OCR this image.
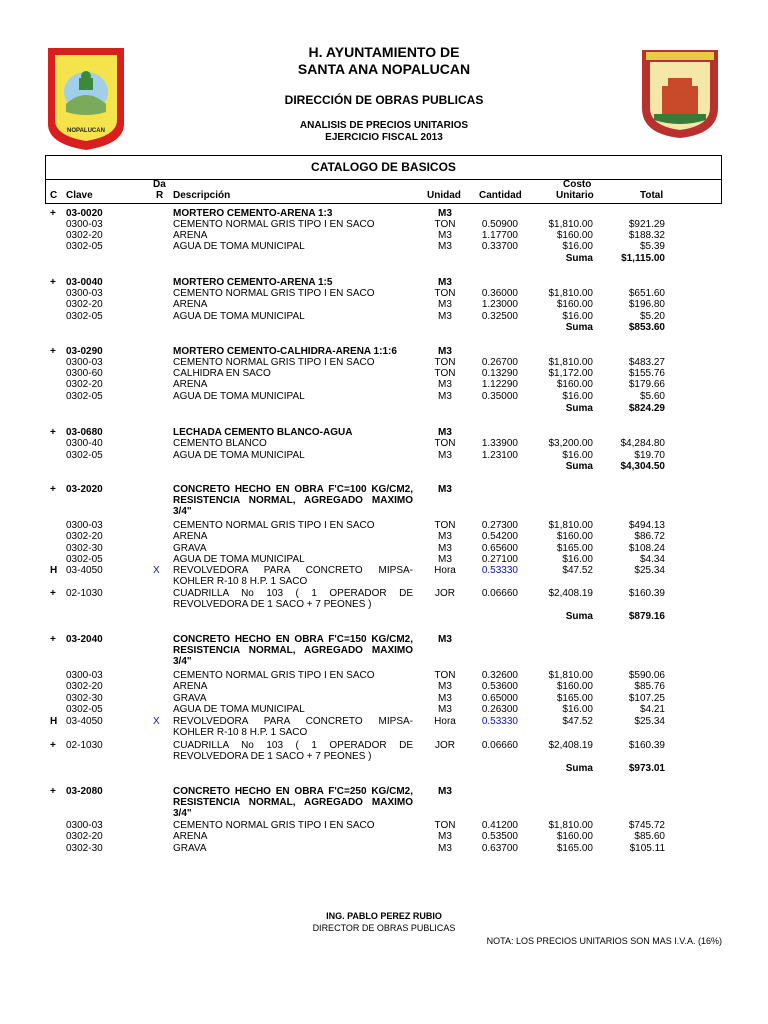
H. AYUNTAMIENTO DE
SANTA ANA NOPALUCAN
DIRECCIÓN DE OBRAS PUBLICAS
ANALISIS DE PRECIOS UNITARIOS
EJERCICIO FISCAL 2013
NOPALUCAN
CATALOGO DE BASICOS
C Clave
Da
R Descripción	Unidad Cantidad
Costo
Unitario	Total
+ 03-0020	MORTERO CEMENTO-ARENA 1:3	M3
0300-03	CEMENTO NORMAL GRIS TIPO I EN SACO	TON	0.50900	$1,810.00	$921.29
0302-20	ARENA	M3	1.17700	$160.00	$188.32
0302-05	AGUA DE TOMA MUNICIPAL	M3	0.33700	$16.00	$5.39
Suma	$1,115.00
+ 03-0040	MORTERO CEMENTO-ARENA 1:5	M3
0300-03	CEMENTO NORMAL GRIS TIPO I EN SACO	TON	0.36000	$1,810.00	$651.60
0302-20	ARENA	M3	1.23000	$160.00	$196.80
0302-05	AGUA DE TOMA MUNICIPAL	M3	0.32500	$16.00	$5.20
Suma	$853.60
+ 03-0290	MORTERO CEMENTO-CALHIDRA-ARENA 1:1:6	M3
0300-03	CEMENTO NORMAL GRIS TIPO I EN SACO	TON	0.26700	$1,810.00	$483.27
0300-60	CALHIDRA EN SACO	TON	0.13290	$1,172.00	$155.76
0302-20	ARENA	M3	1.12290	$160.00	$179.66
0302-05	AGUA DE TOMA MUNICIPAL	M3	0.35000	$16.00	$5.60
Suma	$824.29
+ 03-0680	LECHADA CEMENTO BLANCO-AGUA	M3
0300-40	CEMENTO BLANCO	TON	1.33900	$3,200.00	$4,284.80
0302-05	AGUA DE TOMA MUNICIPAL	M3	1.23100	$16.00	$19.70
Suma	$4,304.50
+ 03-2020	CONCRETO HECHO EN OBRA F'C=100 KG/CM2,	M3
RESISTENCIA NORMAL, AGREGADO MAXIMO
3/4"
0300-03	CEMENTO NORMAL GRIS TIPO I EN SACO	TON	0.27300	$1,810.00	$494.13
0302-20	ARENA	M3	0.54200	$160.00	$86.72
0302-30	GRAVA	M3	0.65600	$165.00	$108.24
0302-05	AGUA DE TOMA MUNICIPAL	M3	0.27100	$16.00	$4.34
H 03-4050	X REVOLVEDORA PARA CONCRETO MIPSA-	Hora	0.53330	$47.52	$25.34
KOHLER R-10 8 H.P. 1 SACO
+ 02-1030	CUADRILLA No 103 ( 1 OPERADOR DE	JOR	0.06660	$2,408.19	$160.39
REVOLVEDORA DE 1 SACO + 7 PEONES )
Suma	$879.16
+ 03-2040	CONCRETO HECHO EN OBRA F'C=150 KG/CM2,	M3
RESISTENCIA NORMAL, AGREGADO MAXIMO
3/4"
0300-03	CEMENTO NORMAL GRIS TIPO I EN SACO	TON	0.32600	$1,810.00	$590.06
0302-20	ARENA	M3	0.53600	$160.00	$85.76
0302-30	GRAVA	M3	0.65000	$165.00	$107.25
0302-05	AGUA DE TOMA MUNICIPAL	M3	0.26300	$16.00	$4.21
H 03-4050	X REVOLVEDORA PARA CONCRETO MIPSA-	Hora	0.53330	$47.52	$25.34
KOHLER R-10 8 H.P. 1 SACO
+ 02-1030	CUADRILLA No 103 ( 1 OPERADOR DE	JOR	0.06660	$2,408.19	$160.39
REVOLVEDORA DE 1 SACO + 7 PEONES )
Suma	$973.01
+ 03-2080	CONCRETO HECHO EN OBRA F'C=250 KG/CM2,	M3
RESISTENCIA NORMAL, AGREGADO MAXIMO
3/4"
0300-03	CEMENTO NORMAL GRIS TIPO I EN SACO	TON	0.41200	$1,810.00	$745.72
0302-20	ARENA	M3	0.53500	$160.00	$85.60
0302-30	GRAVA	M3	0.63700	$165.00	$105.11
ING. PABLO PEREZ RUBIO
DIRECTOR DE OBRAS PUBLICAS
NOTA: LOS PRECIOS UNITARIOS SON MAS I.V.A. (16%)
